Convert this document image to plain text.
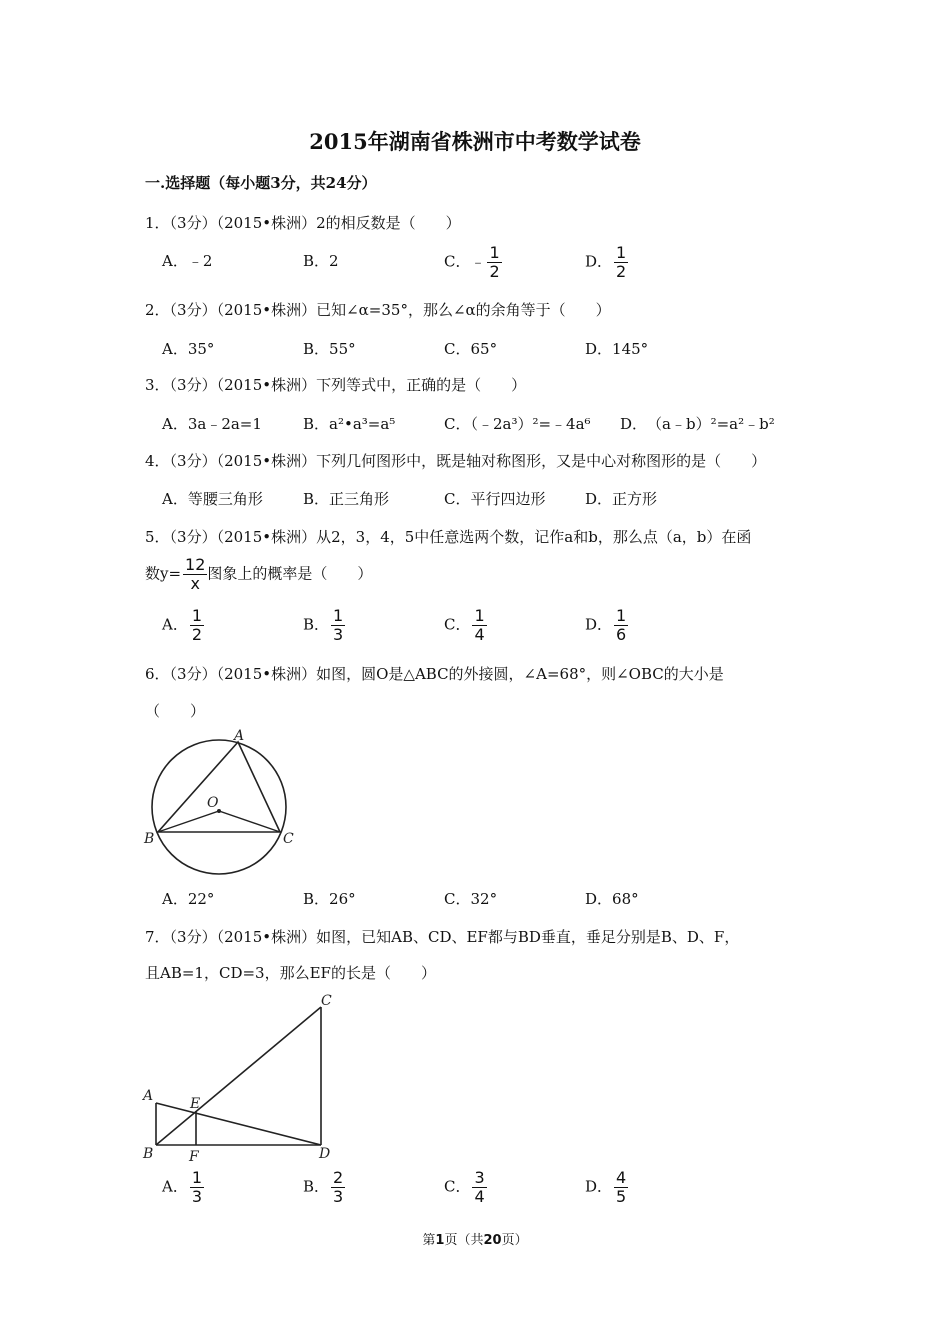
2015年湖南省株洲市中考数学试卷
一.选择题（每小题3分，共24分）
1．（3分）（2015•株洲）2的相反数是（　　）
A．﹣2	B．2	C．﹣ $\frac{1}{2}$	D． $\frac{1}{2}$
2．（3分）（2015•株洲）已知∠α=35°，那么∠α的余角等于（　　）
A．35°	B．55°	C．65°	D．145°
3．（3分）（2015•株洲）下列等式中，正确的是（　　）
A．3a﹣2a=1	B．a²•a³=a⁵	C．（﹣2a³）²=﹣4a⁶ D．　（a﹣b）²=a²﹣b²
4．（3分）（2015•株洲）下列几何图形中，既是轴对称图形，又是中心对称图形的是（　　）
A．等腰三角形	B．正三角形	C．平行四边形	D．正方形
5．（3分）（2015•株洲）从2，3，4，5中任意选两个数，记作a和b，那么点（a，b）在函
数$y= \frac{12}{x}$ 图象上的概率是（　　）
A． $\frac{1}{2}$	B． $\frac{1}{3}$	C． $\frac{1}{4}$	D． $\frac{1}{6}$
6．（3分）（2015•株洲）如图，圆O是△ABC的外接圆，∠A=68°，则∠OBC的大小是
（　　）
A
B	C
O
A．22°	B．26°	C．32°	D．68°
7．（3分）（2015•株洲）如图，已知AB、CD、EF都与BD垂直，垂足分别是B、D、F，
且AB=1，CD=3，那么EF的长是（　　）
A
B
C
D
E
F
A． $\frac{1}{3}$	B． $\frac{2}{3}$	C． $\frac{3}{4}$	D． $\frac{4}{5}$
第1页（共20页）
